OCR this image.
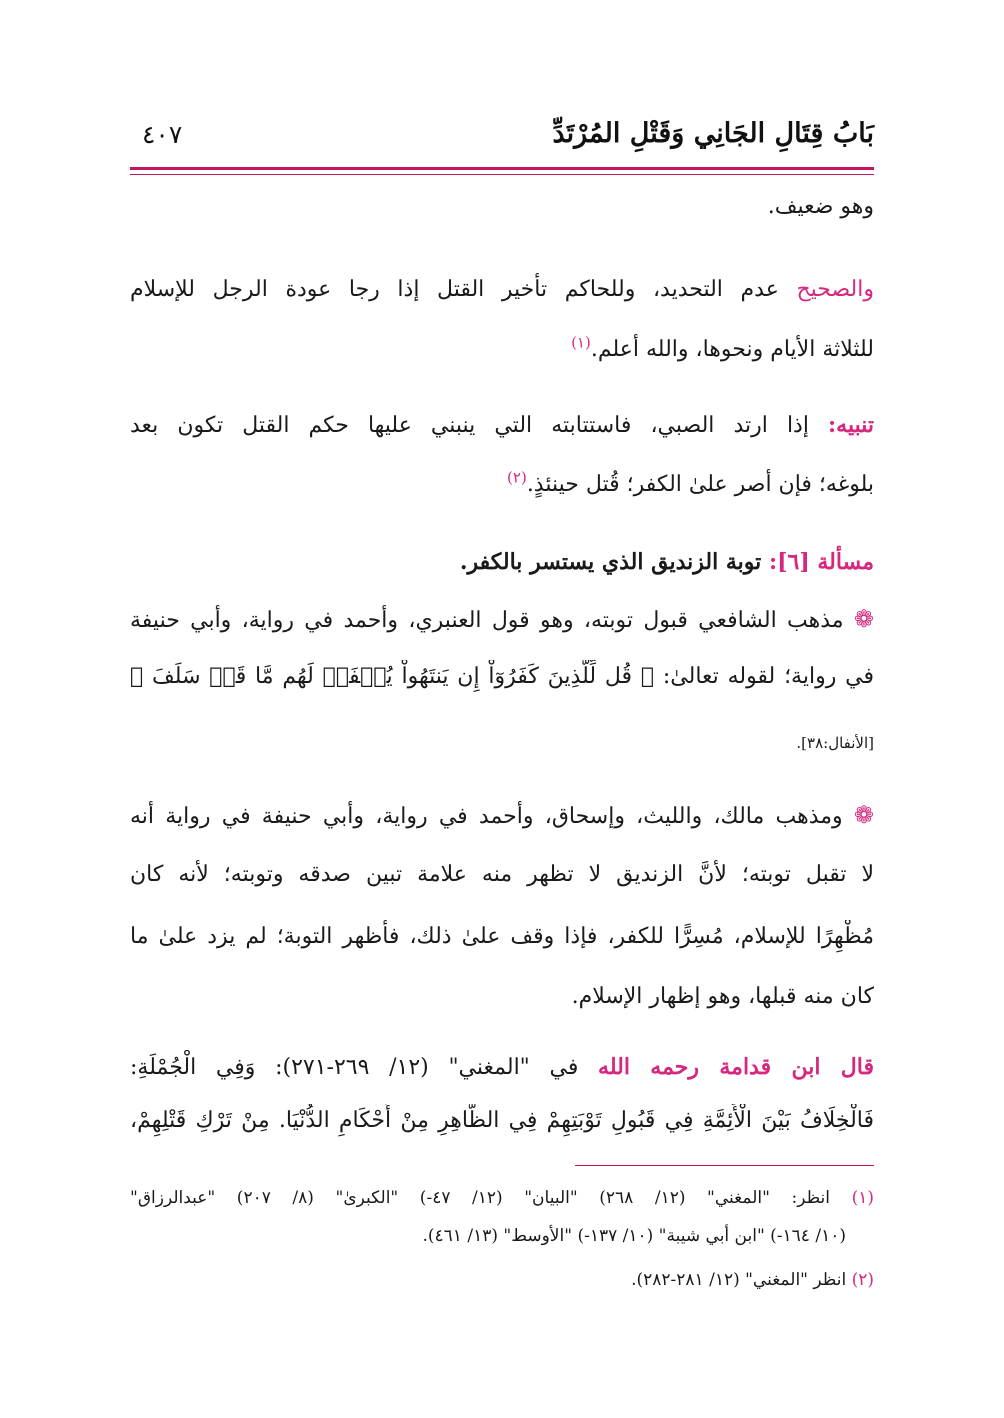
بَابُ قِتَالِ الجَانِي وَقَتْلِ المُرْتَدِّ
٤٠٧
وهو ضعيف.
والصحيح عدم التحديد، وللحاكم تأخير القتل إذا رجا عودة الرجل للإسلام
للثلاثة الأيام ونحوها، والله أعلم.$^{(١)}$
تنبيه: إذا ارتد الصبي، فاستتابته التي ينبني عليها حكم القتل تكون بعد
بلوغه؛ فإن أصر علىٰ الكفر؛ قُتل حينئذٍ.$^{(٢)}$
مسألة [٦]: توبة الزنديق الذي يستسر بالكفر.
❁ مذهب الشافعي قبول توبته، وهو قول العنبري، وأحمد في رواية، وأبي حنيفة
في رواية؛ لقوله تعالىٰ: ﴿ قُل لِّلَّذِينَ كَفَرُوٓاْ إِن يَنتَهُواْ يُغۡفَرۡ لَهُم مَّا قَدۡ سَلَفَ ﴾
[الأنفال:٣٨].
❁ ومذهب مالك، والليث، وإسحاق، وأحمد في رواية، وأبي حنيفة في رواية أنه
لا تقبل توبته؛ لأنَّ الزنديق لا تظهر منه علامة تبين صدقه وتوبته؛ لأنه كان
مُظْهِرًا للإسلام، مُسِرًّا للكفر، فإذا وقف علىٰ ذلك، فأظهر التوبة؛ لم يزد علىٰ ما
كان منه قبلها، وهو إظهار الإسلام.
قال ابن قدامة رحمه الله في "المغني" (١٢/ ٢٦٩-٢٧١): وَفِي الْجُمْلَةِ:
فَالْخِلَافُ بَيْنَ الْأَئِمَّةِ فِي قَبُولِ تَوْبَتِهِمْ فِي الظَّاهِرِ مِنْ أَحْكَامِ الدُّنْيَا. مِنْ تَرْكِ قَتْلِهِمْ،
(١) انظر: "المغني" (١٢/ ٢٦٨) "البيان" (١٢/ ٤٧-) "الكبرىٰ" (٨/ ٢٠٧) "عبدالرزاق"
(١٠/ ١٦٤-) "ابن أبي شيبة" (١٠/ ١٣٧-) "الأوسط" (١٣/ ٤٦١).
(٢) انظر "المغني" (١٢/ ٢٨١-٢٨٢).
